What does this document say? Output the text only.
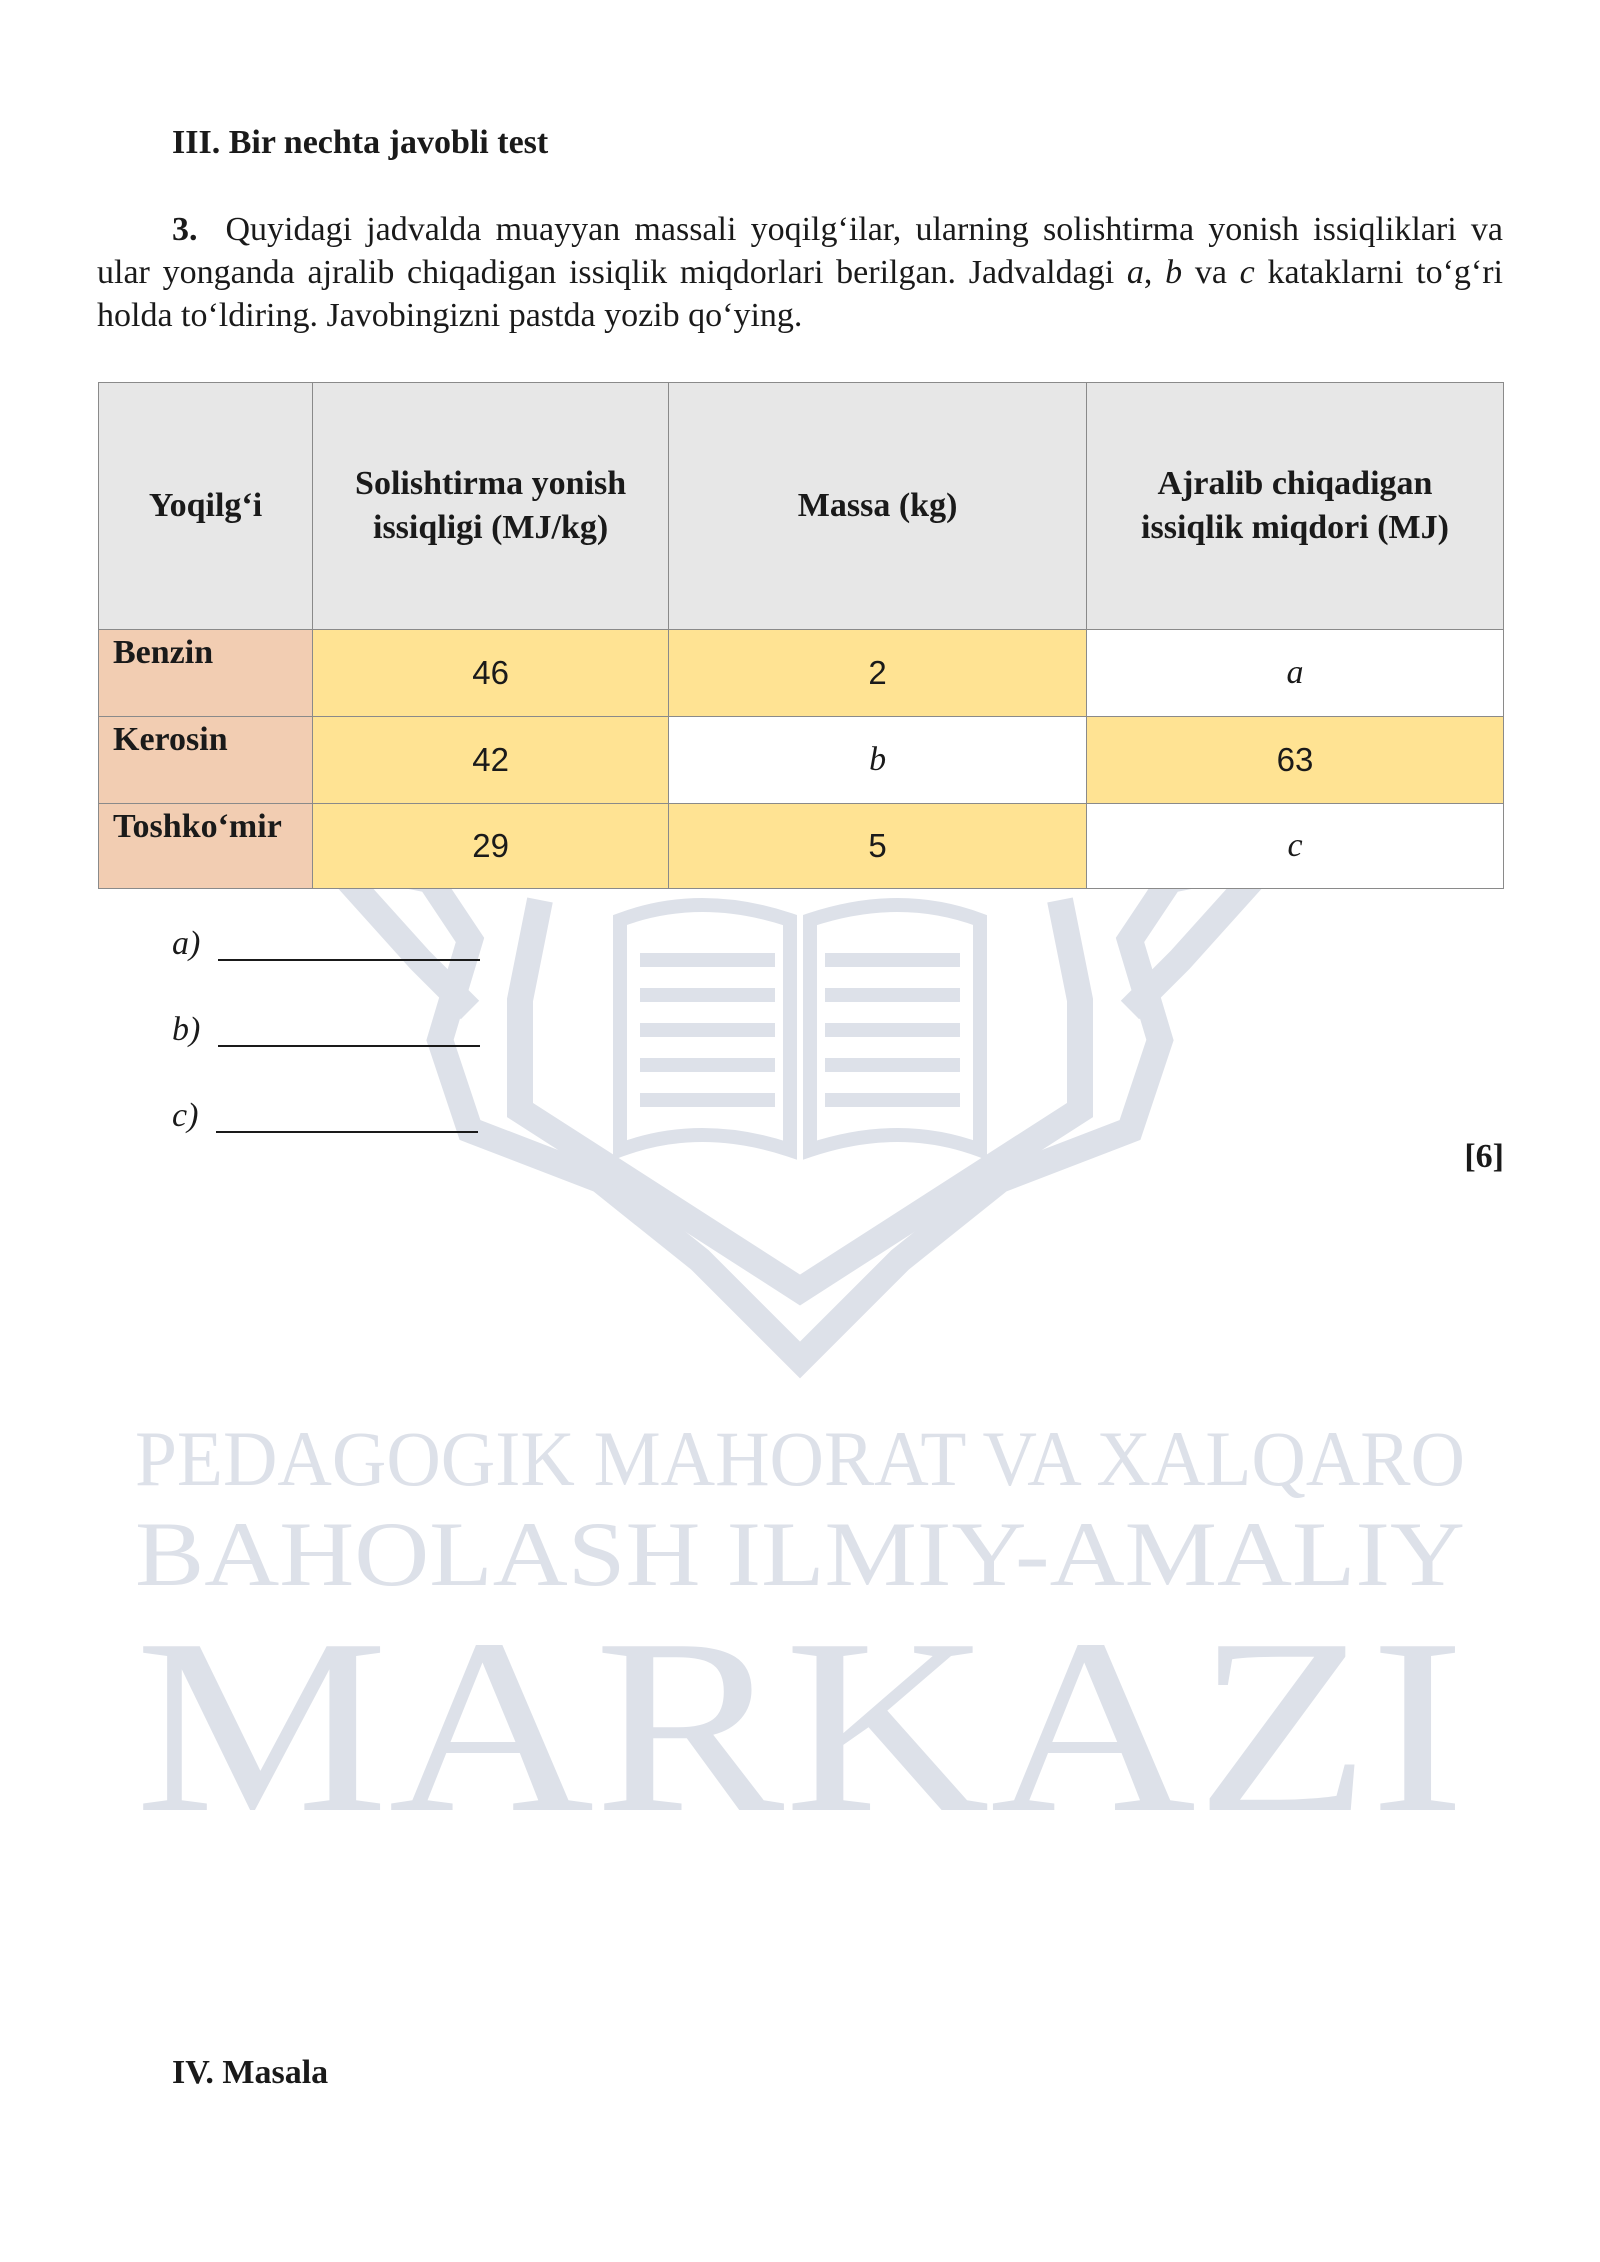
PEDAGOGIK MAHORAT VA XALQARO
BAHOLASH ILMIY-AMALIY
MARKAZI
III. Bir nechta javobli test
3. Quyidagi jadvalda muayyan massali yoqilg‘ilar, ularning solishtirma yonish issiqliklari va ular yonganda ajralib chiqadigan issiqlik miqdorlari berilgan. Jadvaldagi a, b va c kataklarni to‘g‘ri holda to‘ldiring. Javobingizni pastda yozib qo‘ying.
Yoqilg‘i	Solishtirma yonish issiqligi (MJ/kg)	Massa (kg)	Ajralib chiqadigan issiqlik miqdori (MJ)
Benzin	46	2	a
Kerosin	42	b	63
Toshko‘mir	29	5	c
a)
b)
c)
[6]
IV. Masala
